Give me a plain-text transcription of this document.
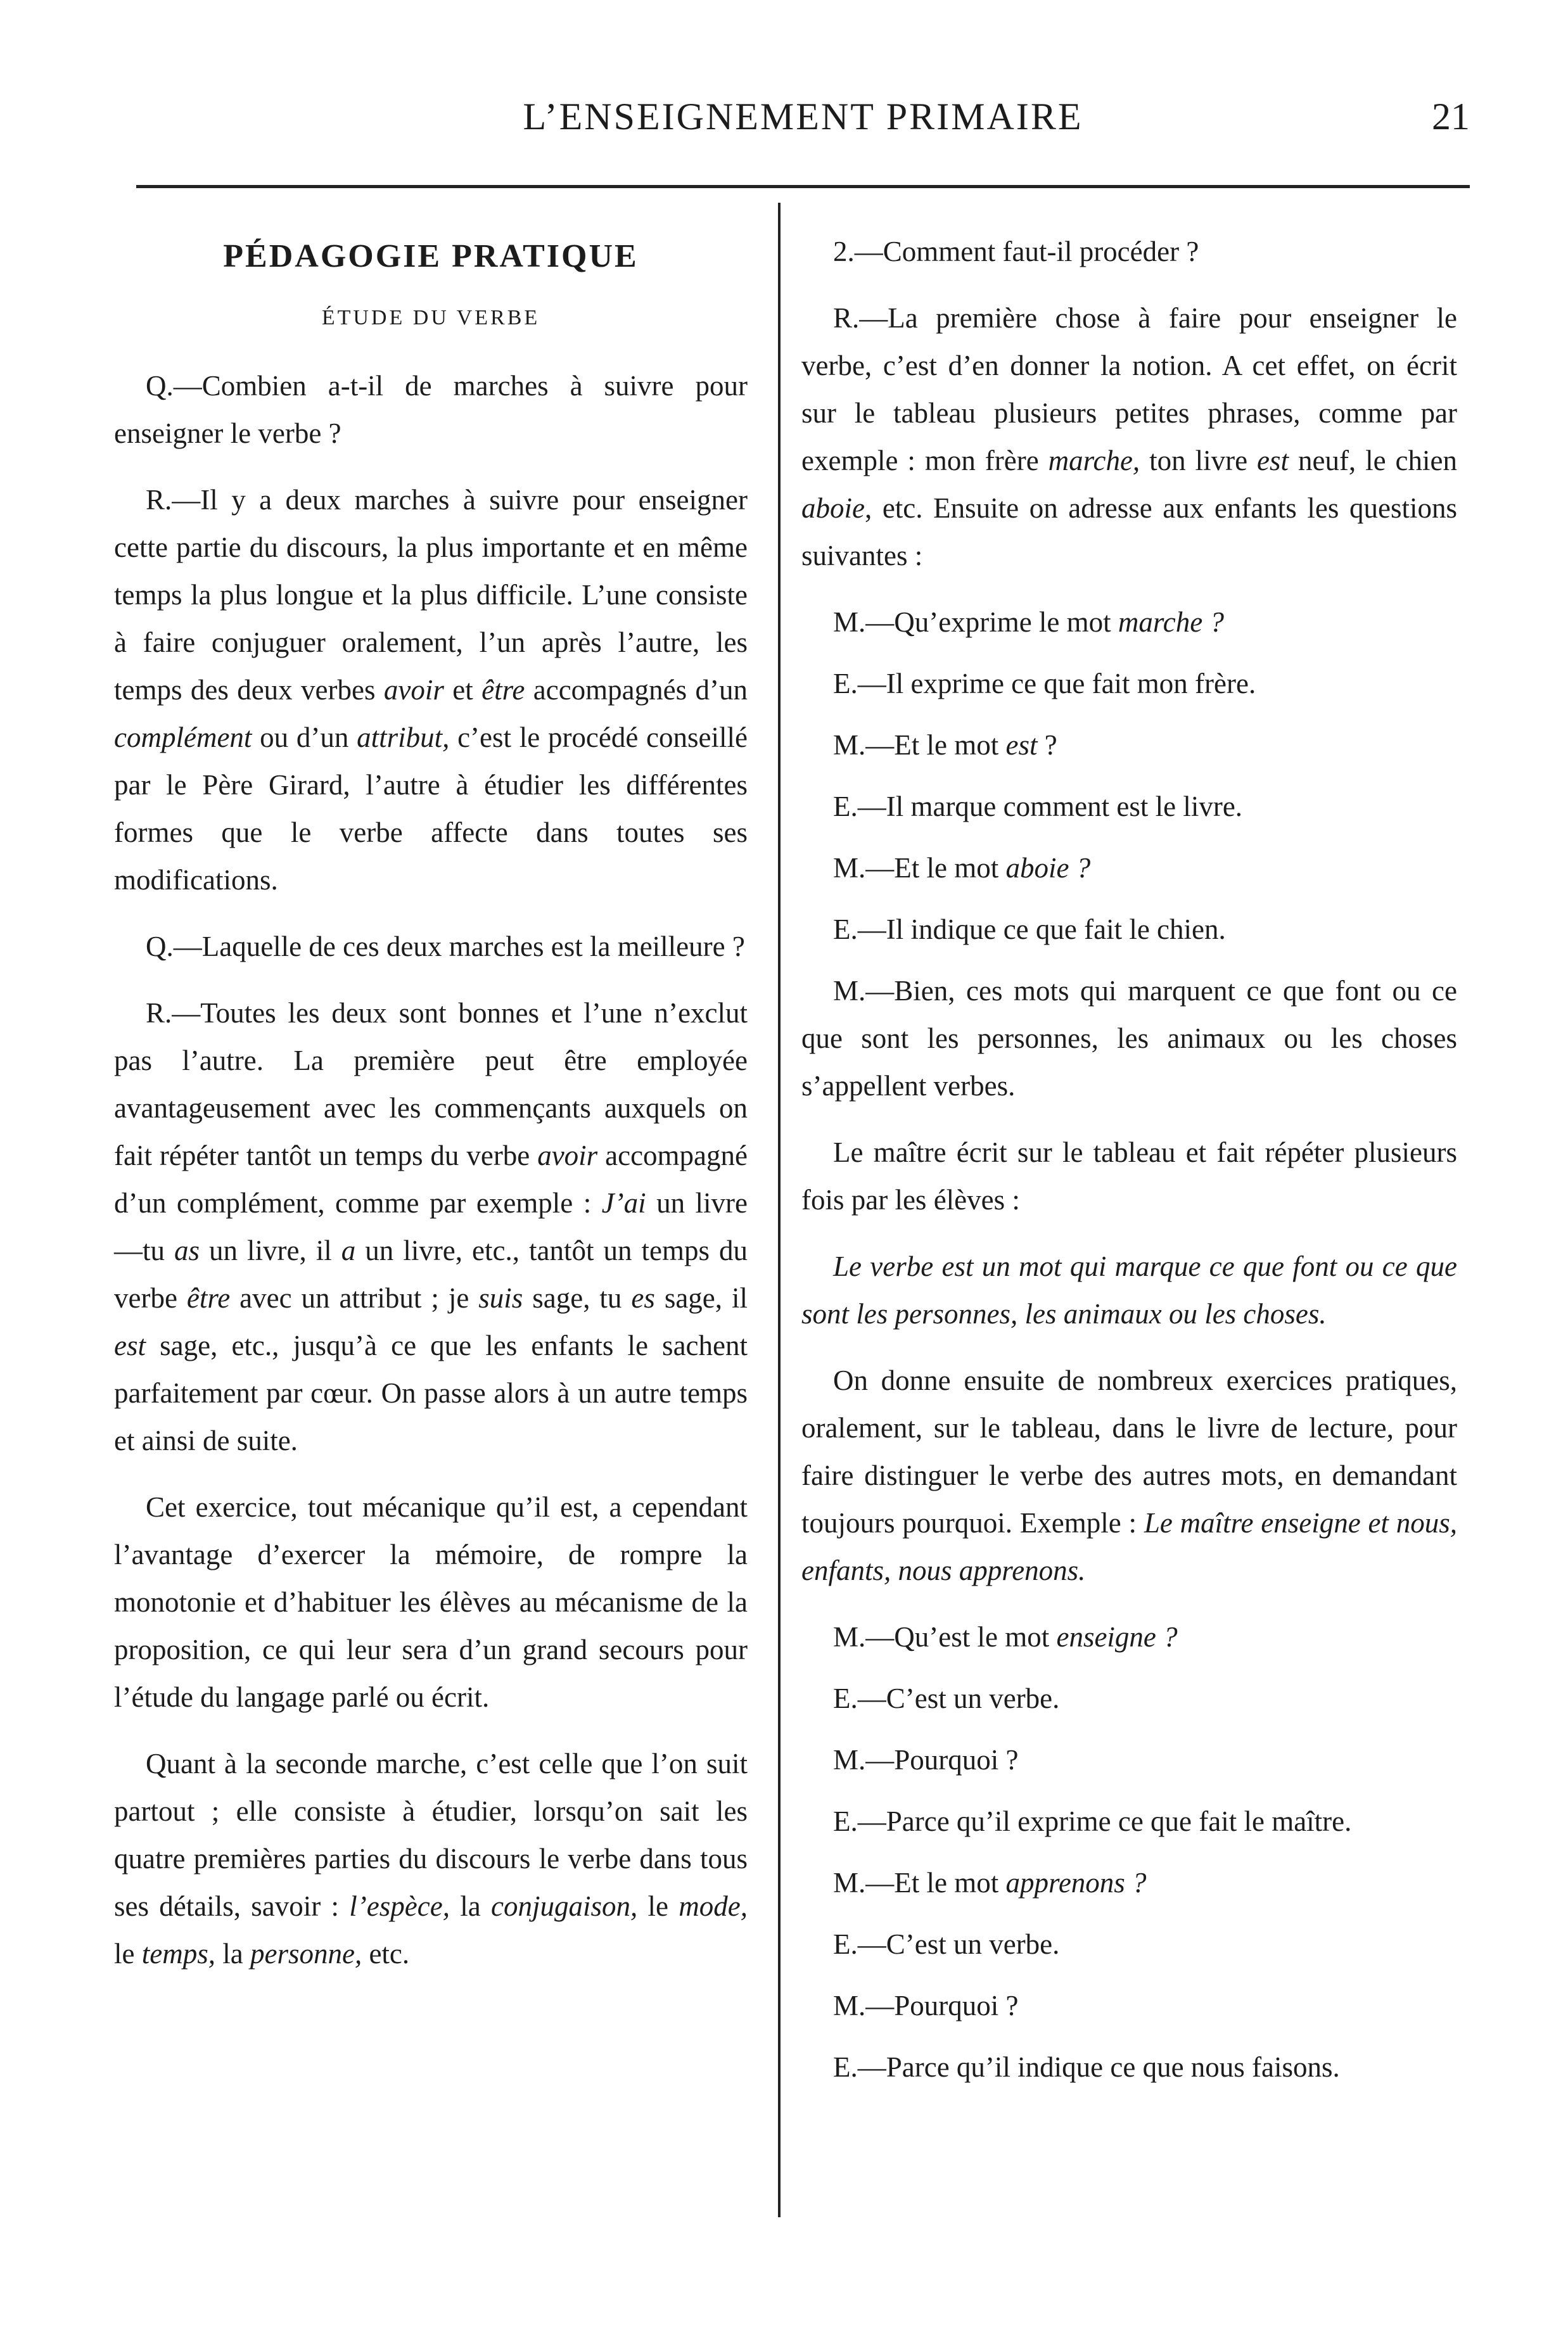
L’ENSEIGNEMENT PRIMAIRE	21
PÉDAGOGIE PRATIQUE
ÉTUDE DU VERBE

Q.—Combien a-t-il de marches à suivre pour enseigner le verbe ?

R.—Il y a deux marches à suivre pour enseigner cette partie du discours, la plus importante et en même temps la plus longue et la plus difficile. L’une consiste à faire conjuguer oralement, l’un après l’autre, les temps des deux verbes avoir et être accompagnés d’un complément ou d’un attribut, c’est le procédé conseillé par le Père Girard, l’autre à étudier les différentes formes que le verbe affecte dans toutes ses modifications.

Q.—Laquelle de ces deux marches est la meilleure ?

R.—Toutes les deux sont bonnes et l’une n’exclut pas l’autre. La première peut être employée avantageusement avec les commençants auxquels on fait répéter tantôt un temps du verbe avoir accompagné d’un complément, comme par exemple : J’ai un livre—tu as un livre, il a un livre, etc., tantôt un temps du verbe être avec un attribut ; je suis sage, tu es sage, il est sage, etc., jusqu’à ce que les enfants le sachent parfaitement par cœur. On passe alors à un autre temps et ainsi de suite.

Cet exercice, tout mécanique qu’il est, a cependant l’avantage d’exercer la mémoire, de rompre la monotonie et d’habituer les élèves au mécanisme de la proposition, ce qui leur sera d’un grand secours pour l’étude du langage parlé ou écrit.

Quant à la seconde marche, c’est celle que l’on suit partout ; elle consiste à étudier, lorsqu’on sait les quatre premières parties du discours le verbe dans tous ses détails, savoir : l’espèce, la conjugaison, le mode, le temps, la personne, etc.

2.—Comment faut-il procéder ?

R.—La première chose à faire pour enseigner le verbe, c’est d’en donner la notion. A cet effet, on écrit sur le tableau plusieurs petites phrases, comme par exemple : mon frère marche, ton livre est neuf, le chien aboie, etc. Ensuite on adresse aux enfants les questions suivantes :

M.—Qu’exprime le mot marche ?

E.—Il exprime ce que fait mon frère.

M.—Et le mot est ?

E.—Il marque comment est le livre.

M.—Et le mot aboie ?

E.—Il indique ce que fait le chien.

M.—Bien, ces mots qui marquent ce que font ou ce que sont les personnes, les animaux ou les choses s’appellent verbes.

Le maître écrit sur le tableau et fait répéter plusieurs fois par les élèves :

Le verbe est un mot qui marque ce que font ou ce que sont les personnes, les animaux ou les choses.

On donne ensuite de nombreux exercices pratiques, oralement, sur le tableau, dans le livre de lecture, pour faire distinguer le verbe des autres mots, en demandant toujours pourquoi. Exemple : Le maître enseigne et nous, enfants, nous apprenons.

M.—Qu’est le mot enseigne ?

E.—C’est un verbe.

M.—Pourquoi ?

E.—Parce qu’il exprime ce que fait le maître.

M.—Et le mot apprenons ?

E.—C’est un verbe.

M.—Pourquoi ?

E.—Parce qu’il indique ce que nous faisons.
